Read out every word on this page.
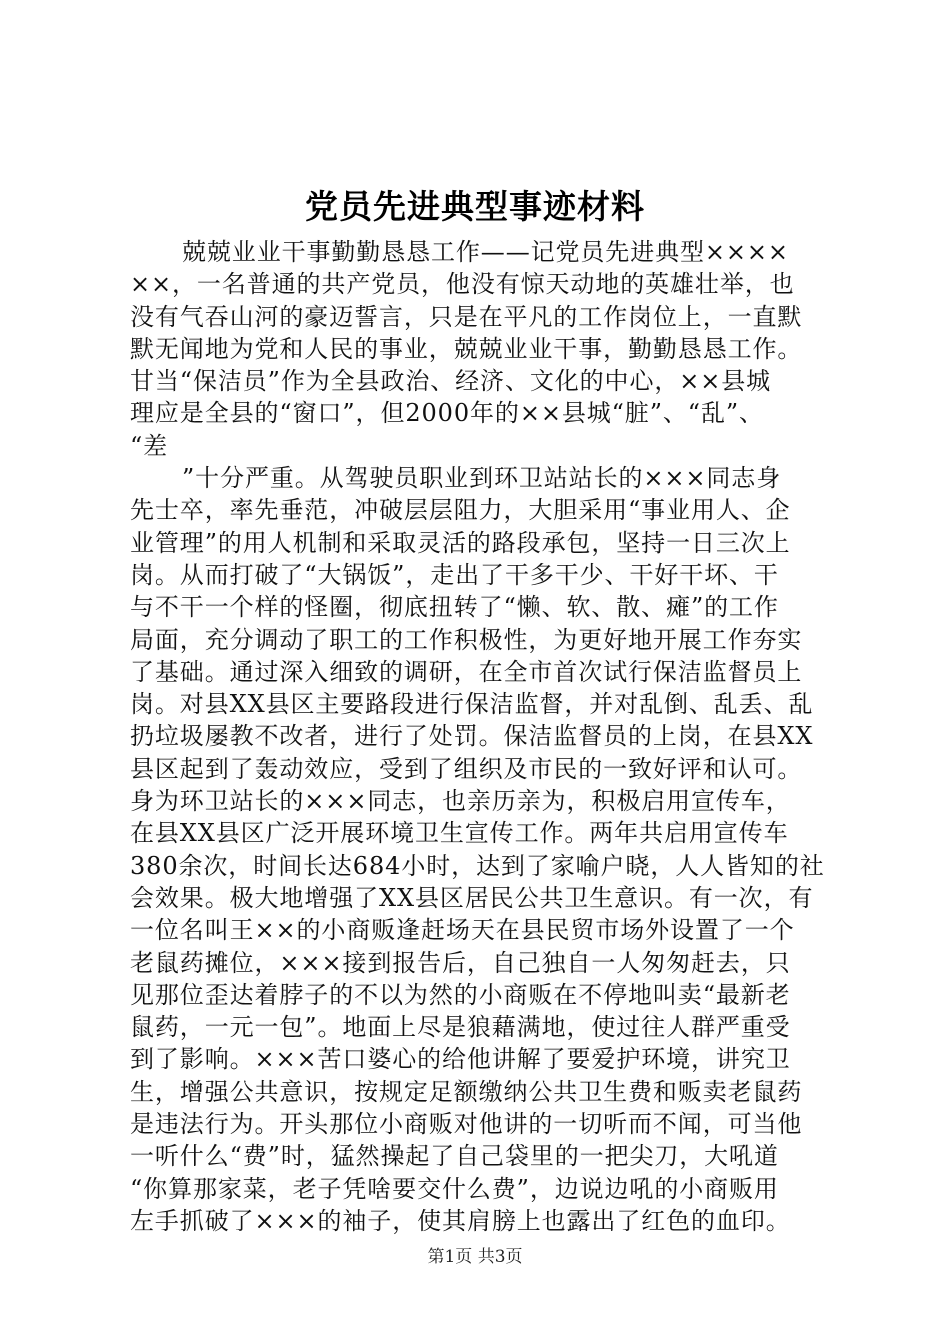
党员先进典型事迹材料
兢兢业业干事勤勤恳恳工作——记党员先进典型××××
××，一名普通的共产党员，他没有惊天动地的英雄壮举，也
没有气吞山河的豪迈誓言，只是在平凡的工作岗位上，一直默
默无闻地为党和人民的事业，兢兢业业干事，勤勤恳恳工作。
甘当“保洁员”作为全县政治、经济、文化的中心，××县城
理应是全县的“窗口”，但2000年的××县城“脏”、“乱”、
“差
”十分严重。从驾驶员职业到环卫站站长的×××同志身
先士卒，率先垂范，冲破层层阻力，大胆采用“事业用人、企
业管理”的用人机制和采取灵活的路段承包，坚持一日三次上
岗。从而打破了“大锅饭”，走出了干多干少、干好干坏、干
与不干一个样的怪圈，彻底扭转了“懒、软、散、瘫”的工作
局面，充分调动了职工的工作积极性，为更好地开展工作夯实
了基础。通过深入细致的调研，在全市首次试行保洁监督员上
岗。对县XX县区主要路段进行保洁监督，并对乱倒、乱丢、乱
扔垃圾屡教不改者，进行了处罚。保洁监督员的上岗，在县XX
县区起到了轰动效应，受到了组织及市民的一致好评和认可。
身为环卫站长的×××同志，也亲历亲为，积极启用宣传车，
在县XX县区广泛开展环境卫生宣传工作。两年共启用宣传车
380余次，时间长达684小时，达到了家喻户晓，人人皆知的社
会效果。极大地增强了XX县区居民公共卫生意识。有一次，有
一位名叫王××的小商贩逢赶场天在县民贸市场外设置了一个
老鼠药摊位，×××接到报告后，自己独自一人匆匆赶去，只
见那位歪达着脖子的不以为然的小商贩在不停地叫卖“最新老
鼠药，一元一包”。地面上尽是狼藉满地，使过往人群严重受
到了影响。×××苦口婆心的给他讲解了要爱护环境，讲究卫
生，增强公共意识，按规定足额缴纳公共卫生费和贩卖老鼠药
是违法行为。开头那位小商贩对他讲的一切听而不闻，可当他
一听什么“费”时，猛然操起了自己袋里的一把尖刀，大吼道
“你算那家菜，老子凭啥要交什么费”，边说边吼的小商贩用
左手抓破了×××的袖子，使其肩膀上也露出了红色的血印。
第1页 共3页
